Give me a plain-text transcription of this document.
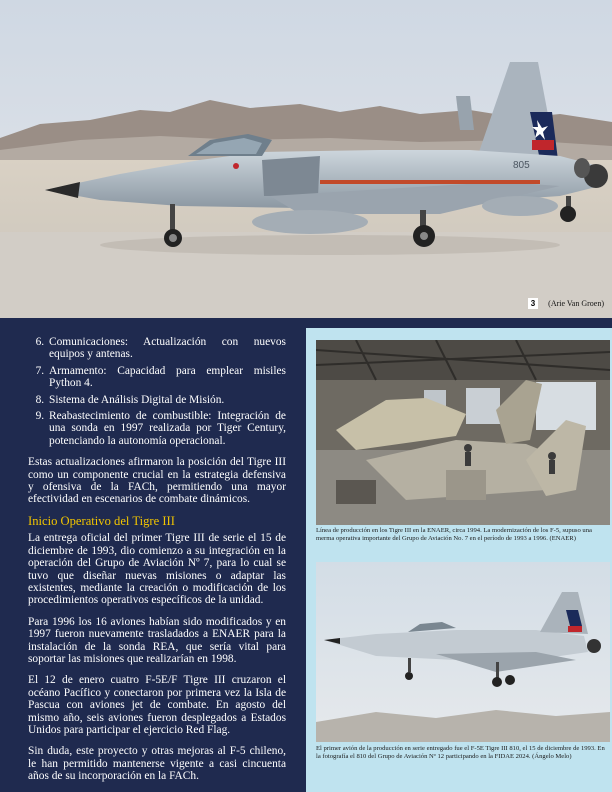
805
3	(Arie Van Groen)
6. Comunicaciones: Actualización con nuevos equipos y antenas.
7. Armamento: Capacidad para emplear misiles Python 4.
8. Sistema de Análisis Digital de Misión.
9. Reabastecimiento de combustible: Integración de una sonda en 1997 realizada por Tiger Century, potenciando la autonomía operacional.

Estas actualizaciones afirmaron la posición del Tigre III como un componente crucial en la estrategia defensiva y ofensiva de la FACh, permitiendo una mayor efectividad en escenarios de combate dinámicos.

Inicio Operativo del Tigre III

La entrega oficial del primer Tigre III de serie el 15 de diciembre de 1993, dio comienzo a su integración en la operación del Grupo de Aviación Nº 7, para lo cual se tuvo que diseñar nuevas misiones o adaptar las existentes, mediante la creación o modificación de los procedimientos operativos específicos de la unidad.

Para 1996 los 16 aviones habían sido modificados y en 1997 fueron nuevamente trasladados a ENAER para la instalación de la sonda REA, que sería vital para soportar las misiones que realizarían en 1998.

El 12 de enero cuatro F-5E/F Tigre III cruzaron el océano Pacífico y conectaron por primera vez la Isla de Pascua con aviones jet de combate. En agosto del mismo año, seis aviones fueron desplegados a Estados Unidos para participar el ejercicio Red Flag.

Sin duda, este proyecto y otras mejoras al F-5 chileno, le han permitido mantenerse vigente a casi cincuenta años de su incorporación en la FACh.

Línea de producción en los Tigre III en la ENAER, circa 1994. La modernización de los F-5, supuso una merma operativa importante del Grupo de Aviación No. 7 en el período de 1993 a 1996. (ENAER)
El primer avión de la producción en serie entregado fue el F-5E Tigre III 810, el 15 de diciembre de 1993. En la fotografía el 810 del Grupo de Aviación Nº 12 participando en la FIDAE 2024. (Ángelo Melo)
